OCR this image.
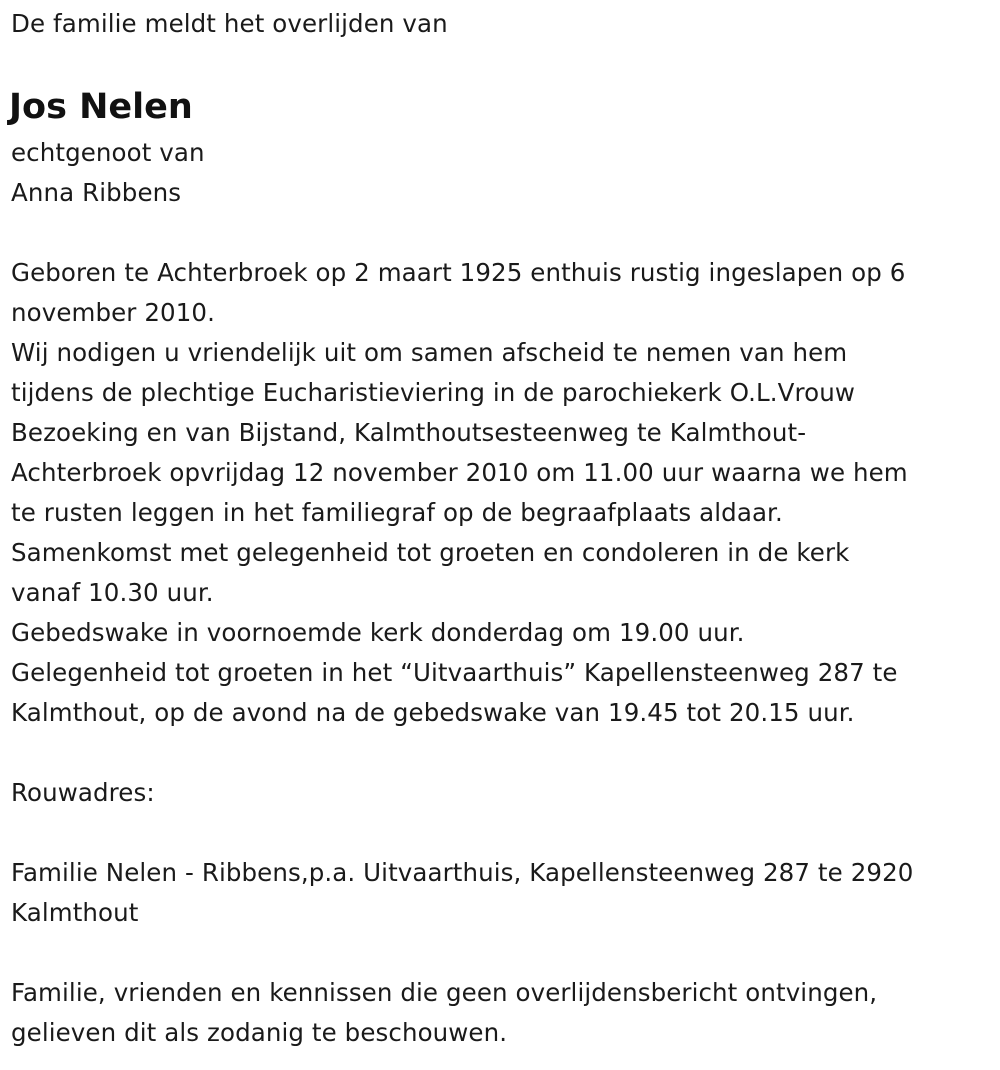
De familie meldt het overlijden van
Jos Nelen
echtgenoot van
Anna Ribbens
Geboren te Achterbroek op 2 maart 1925 enthuis rustig ingeslapen op 6
november 2010.
Wij nodigen u vriendelijk uit om samen afscheid te nemen van hem
tijdens de plechtige Eucharistieviering in de parochiekerk O.L.Vrouw
Bezoeking en van Bijstand, Kalmthoutsesteenweg te Kalmthout-
Achterbroek opvrijdag 12 november 2010 om 11.00 uur waarna we hem
te rusten leggen in het familiegraf op de begraafplaats aldaar.
Samenkomst met gelegenheid tot groeten en condoleren in de kerk
vanaf 10.30 uur.
Gebedswake in voornoemde kerk donderdag om 19.00 uur.
Gelegenheid tot groeten in het “Uitvaarthuis” Kapellensteenweg 287 te
Kalmthout, op de avond na de gebedswake van 19.45 tot 20.15 uur.
Rouwadres:
Familie Nelen - Ribbens,p.a. Uitvaarthuis, Kapellensteenweg 287 te 2920
Kalmthout
Familie, vrienden en kennissen die geen overlijdensbericht ontvingen,
gelieven dit als zodanig te beschouwen.
